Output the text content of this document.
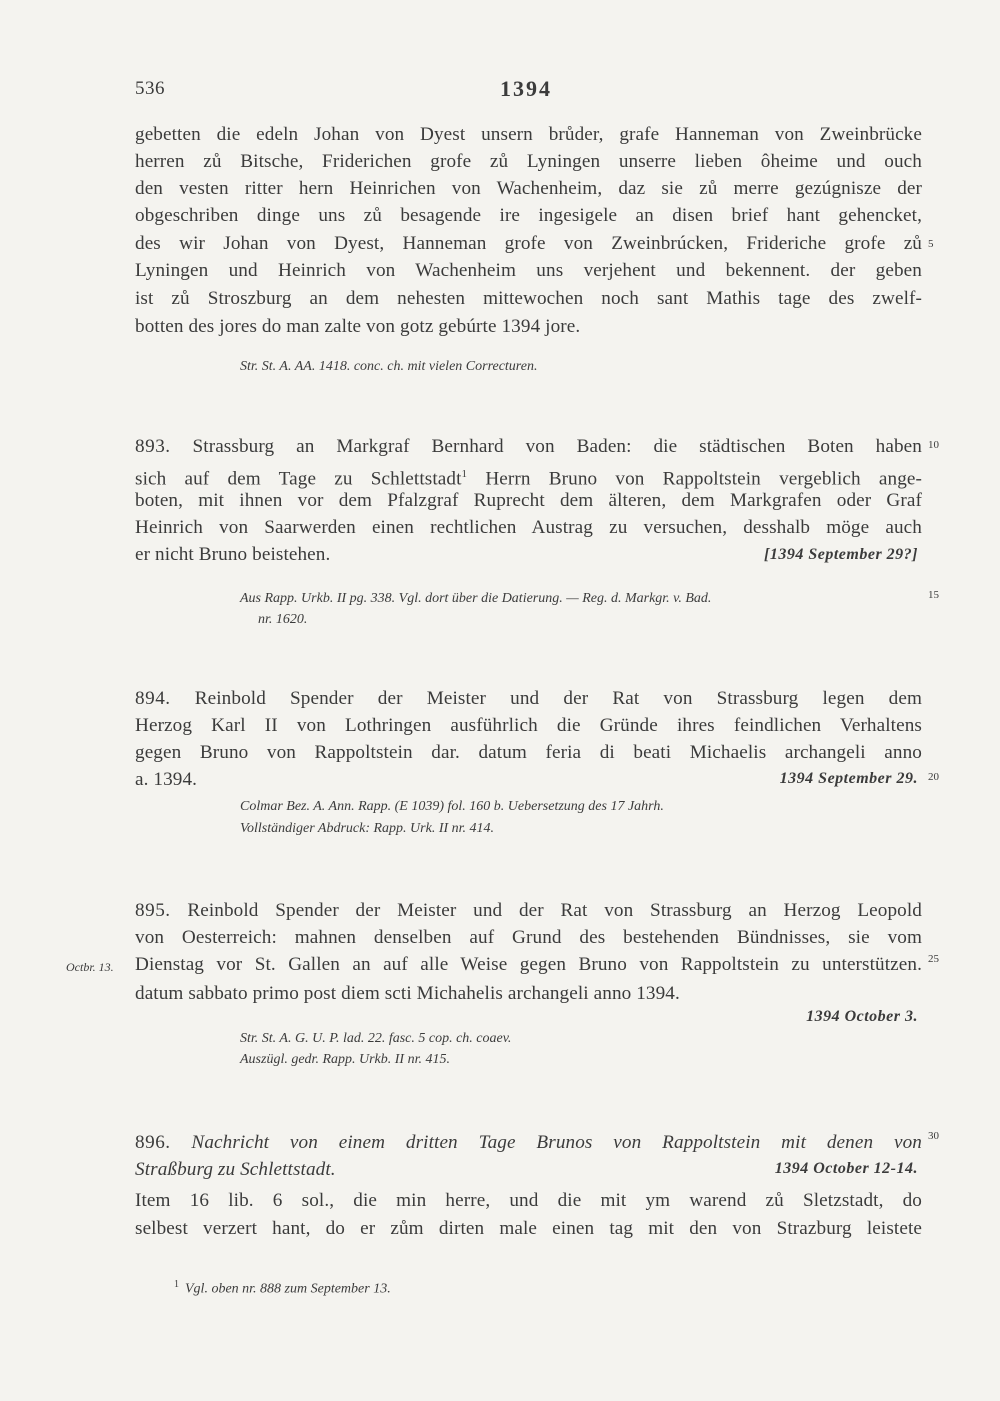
536	1394
gebetten die edeln Johan von Dyest unsern brůder, grafe Hanneman von Zweinbrücke
herren zů Bitsche, Friderichen grofe zů Lyningen unserre lieben ôheime und ouch
den vesten ritter hern Heinrichen von Wachenheim, daz sie zů merre gezúgnisze der
obgeschriben dinge uns zů besagende ire ingesigele an disen brief hant gehencket,
des wir Johan von Dyest, Hanneman grofe von Zweinbrúcken, Frideriche grofe zů
Lyningen und Heinrich von Wachenheim uns verjehent und bekennent. der geben
ist zů Stroszburg an dem nehesten mittewochen noch sant Mathis tage des zwelf-
botten des jores do man zalte von gotz gebúrte 1394 jore.
Str. St. A. AA. 1418. conc. ch. mit vielen Correcturen.
893. Strassburg an Markgraf Bernhard von Baden: die städtischen Boten haben
sich auf dem Tage zu Schlettstadt$^1$ Herrn Bruno von Rappoltstein vergeblich ange-
boten, mit ihnen vor dem Pfalzgraf Ruprecht dem älteren, dem Markgrafen oder Graf
Heinrich von Saarwerden einen rechtlichen Austrag zu versuchen, desshalb möge auch
er nicht Bruno beistehen.	[1394 September 29?]
Aus Rapp. Urkb. II pg. 338. Vgl. dort über die Datierung. — Reg. d. Markgr. v. Bad.
nr. 1620.
894. Reinbold Spender der Meister und der Rat von Strassburg legen dem
Herzog Karl II von Lothringen ausführlich die Gründe ihres feindlichen Verhaltens
gegen Bruno von Rappoltstein dar. datum feria di beati Michaelis archangeli anno
a. 1394.	1394 September 29.
Colmar Bez. A. Ann. Rapp. (E 1039) fol. 160 b. Uebersetzung des 17 Jahrh.
Vollständiger Abdruck: Rapp. Urk. II nr. 414.
895. Reinbold Spender der Meister und der Rat von Strassburg an Herzog Leopold
von Oesterreich: mahnen denselben auf Grund des bestehenden Bündnisses, sie vom
Dienstag vor St. Gallen an auf alle Weise gegen Bruno von Rappoltstein zu unterstützen.
Octbr. 13.
datum sabbato primo post diem scti Michahelis archangeli anno 1394.
1394 October 3.
Str. St. A. G. U. P. lad. 22. fasc. 5 cop. ch. coaev.
Auszügl. gedr. Rapp. Urkb. II nr. 415.
896. Nachricht von einem dritten Tage Brunos von Rappoltstein mit denen von
Straßburg zu Schlettstadt.	1394 October 12-14.
Item 16 lib. 6 sol., die min herre, und die mit ym warend zů Sletzstadt, do
selbest verzert hant, do er zům dirten male einen tag mit den von Strazburg leistete
5
10
15
20
25
30
$^1$ Vgl. oben nr. 888 zum September 13.
